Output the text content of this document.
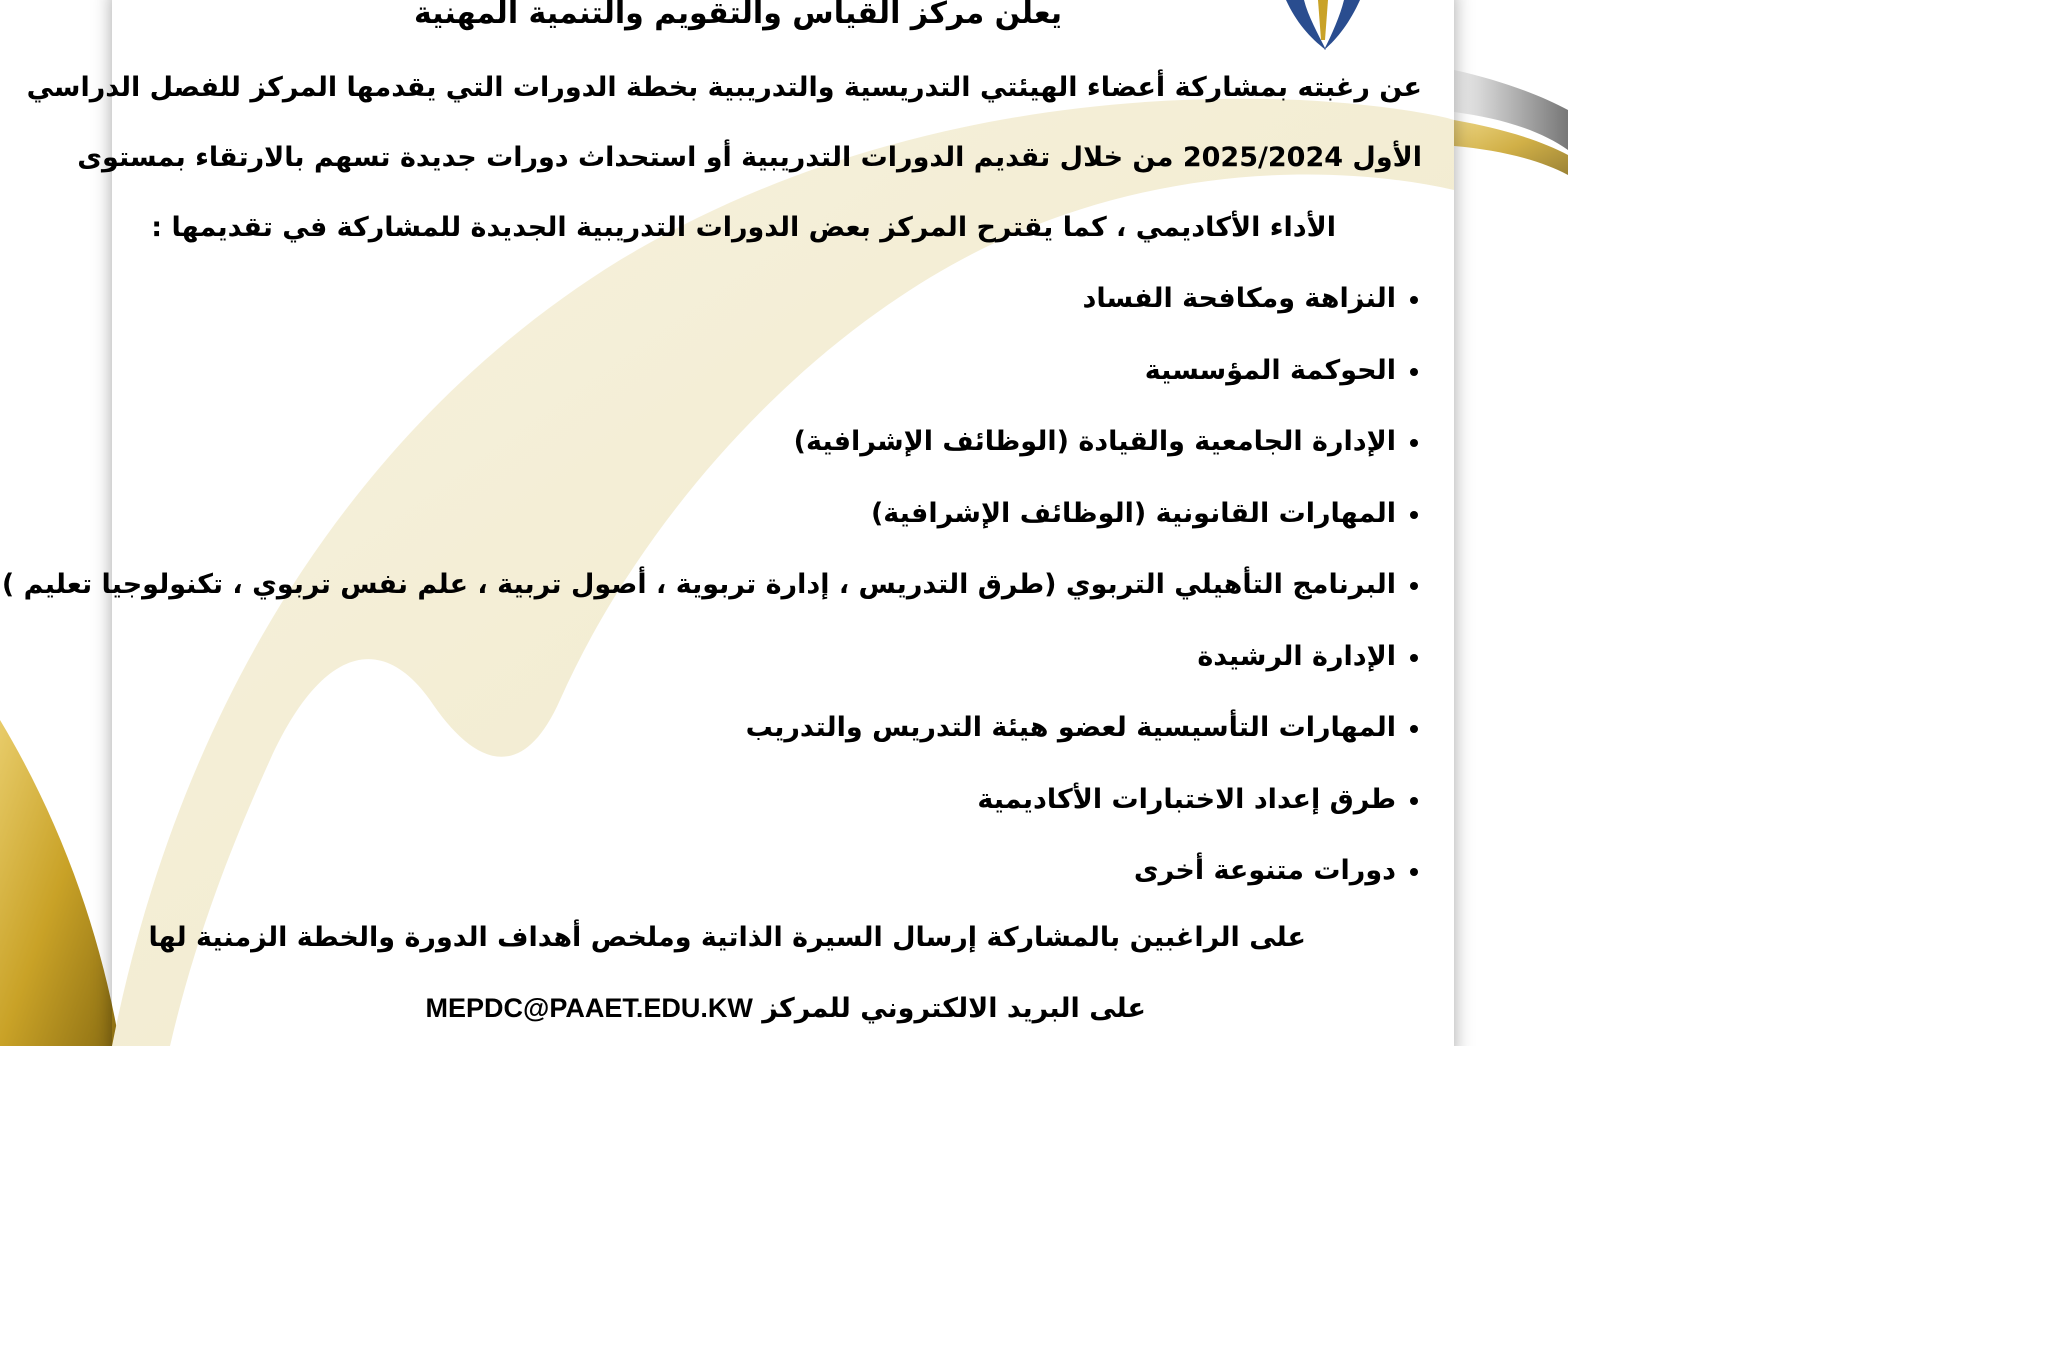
يعلن مركز القياس والتقويم والتنمية المهنية
عن رغبته بمشاركة أعضاء الهيئتي التدريسية والتدريبية بخطة الدورات التي يقدمها المركز للفصل الدراسي
الأول 2025/2024 من خلال تقديم الدورات التدريبية أو استحداث دورات جديدة تسهم بالارتقاء بمستوى
الأداء الأكاديمي ، كما يقترح المركز بعض الدورات التدريبية الجديدة للمشاركة في تقديمها :
النزاهة ومكافحة الفساد
الحوكمة المؤسسية
الإدارة الجامعية والقيادة (الوظائف الإشرافية)
المهارات القانونية (الوظائف الإشرافية)
البرنامج التأهيلي التربوي (طرق التدريس ، إدارة تربوية ، أصول تربية ، علم نفس تربوي ، تكنولوجيا تعليم )
الإدارة الرشيدة
المهارات التأسيسية لعضو هيئة التدريس والتدريب
طرق إعداد الاختبارات الأكاديمية
دورات متنوعة أخرى
على الراغبين بالمشاركة إرسال السيرة الذاتية وملخص أهداف الدورة والخطة الزمنية لها
على البريد الالكتروني للمركز MEPDC@PAAET.EDU.KW
